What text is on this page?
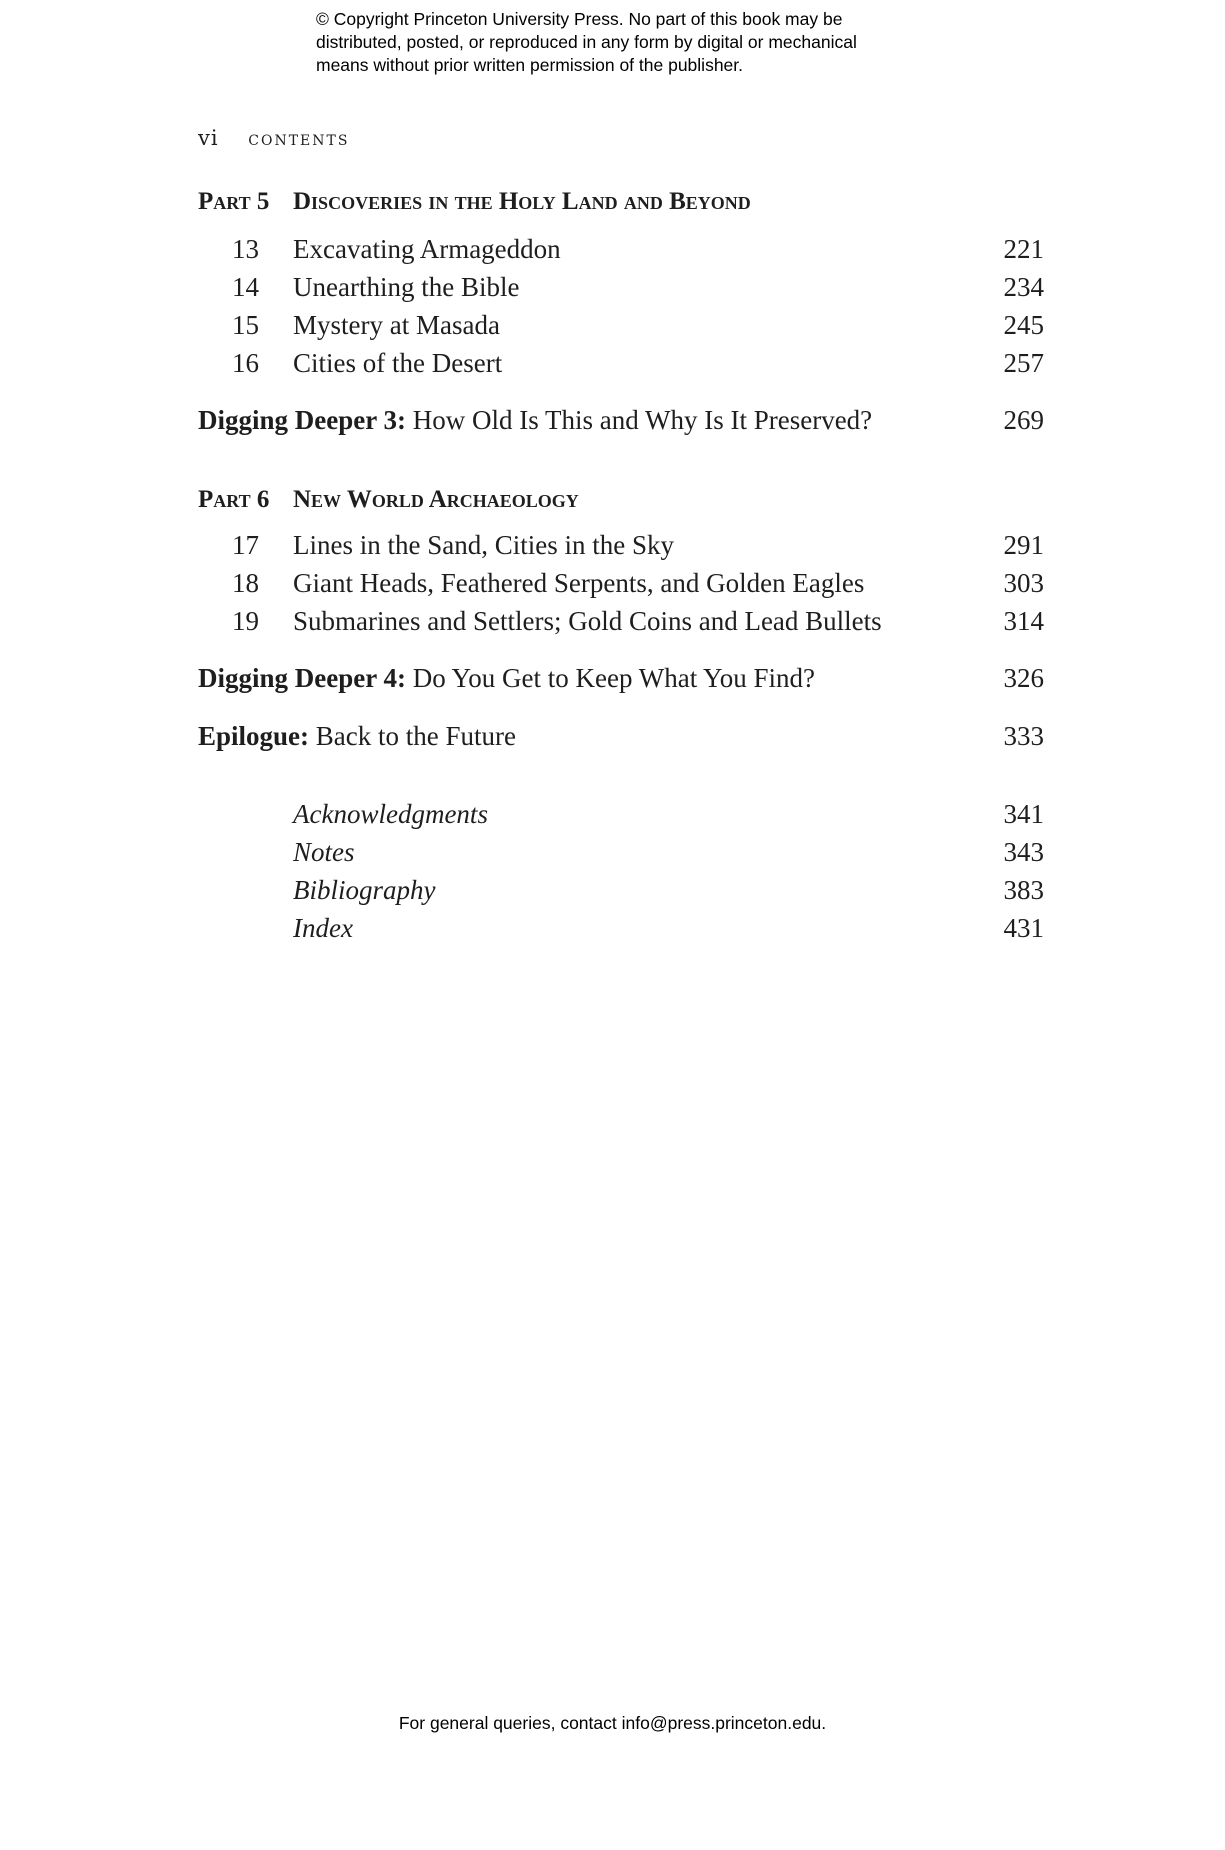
© Copyright Princeton University Press. No part of this book may be
distributed, posted, or reproduced in any form by digital or mechanical
means without prior written permission of the publisher.
vi contents
Part 5 Discoveries in the Holy Land and Beyond
13 Excavating Armageddon	221
14 Unearthing the Bible	234
15 Mystery at Masada	245
16 Cities of the Desert	257
Digging Deeper 3: How Old Is This and Why Is It Preserved?	269
Part 6 New World Archaeology
17 Lines in the Sand, Cities in the Sky	291
18 Giant Heads, Feathered Serpents, and Golden Eagles	303
19 Submarines and Settlers; Gold Coins and Lead Bullets	314
Digging Deeper 4: Do You Get to Keep What You Find?	326
Epilogue: Back to the Future	333
Acknowledgments	341
Notes	343
Bibliography	383
Index	431
For general queries, contact info@press.princeton.edu.
